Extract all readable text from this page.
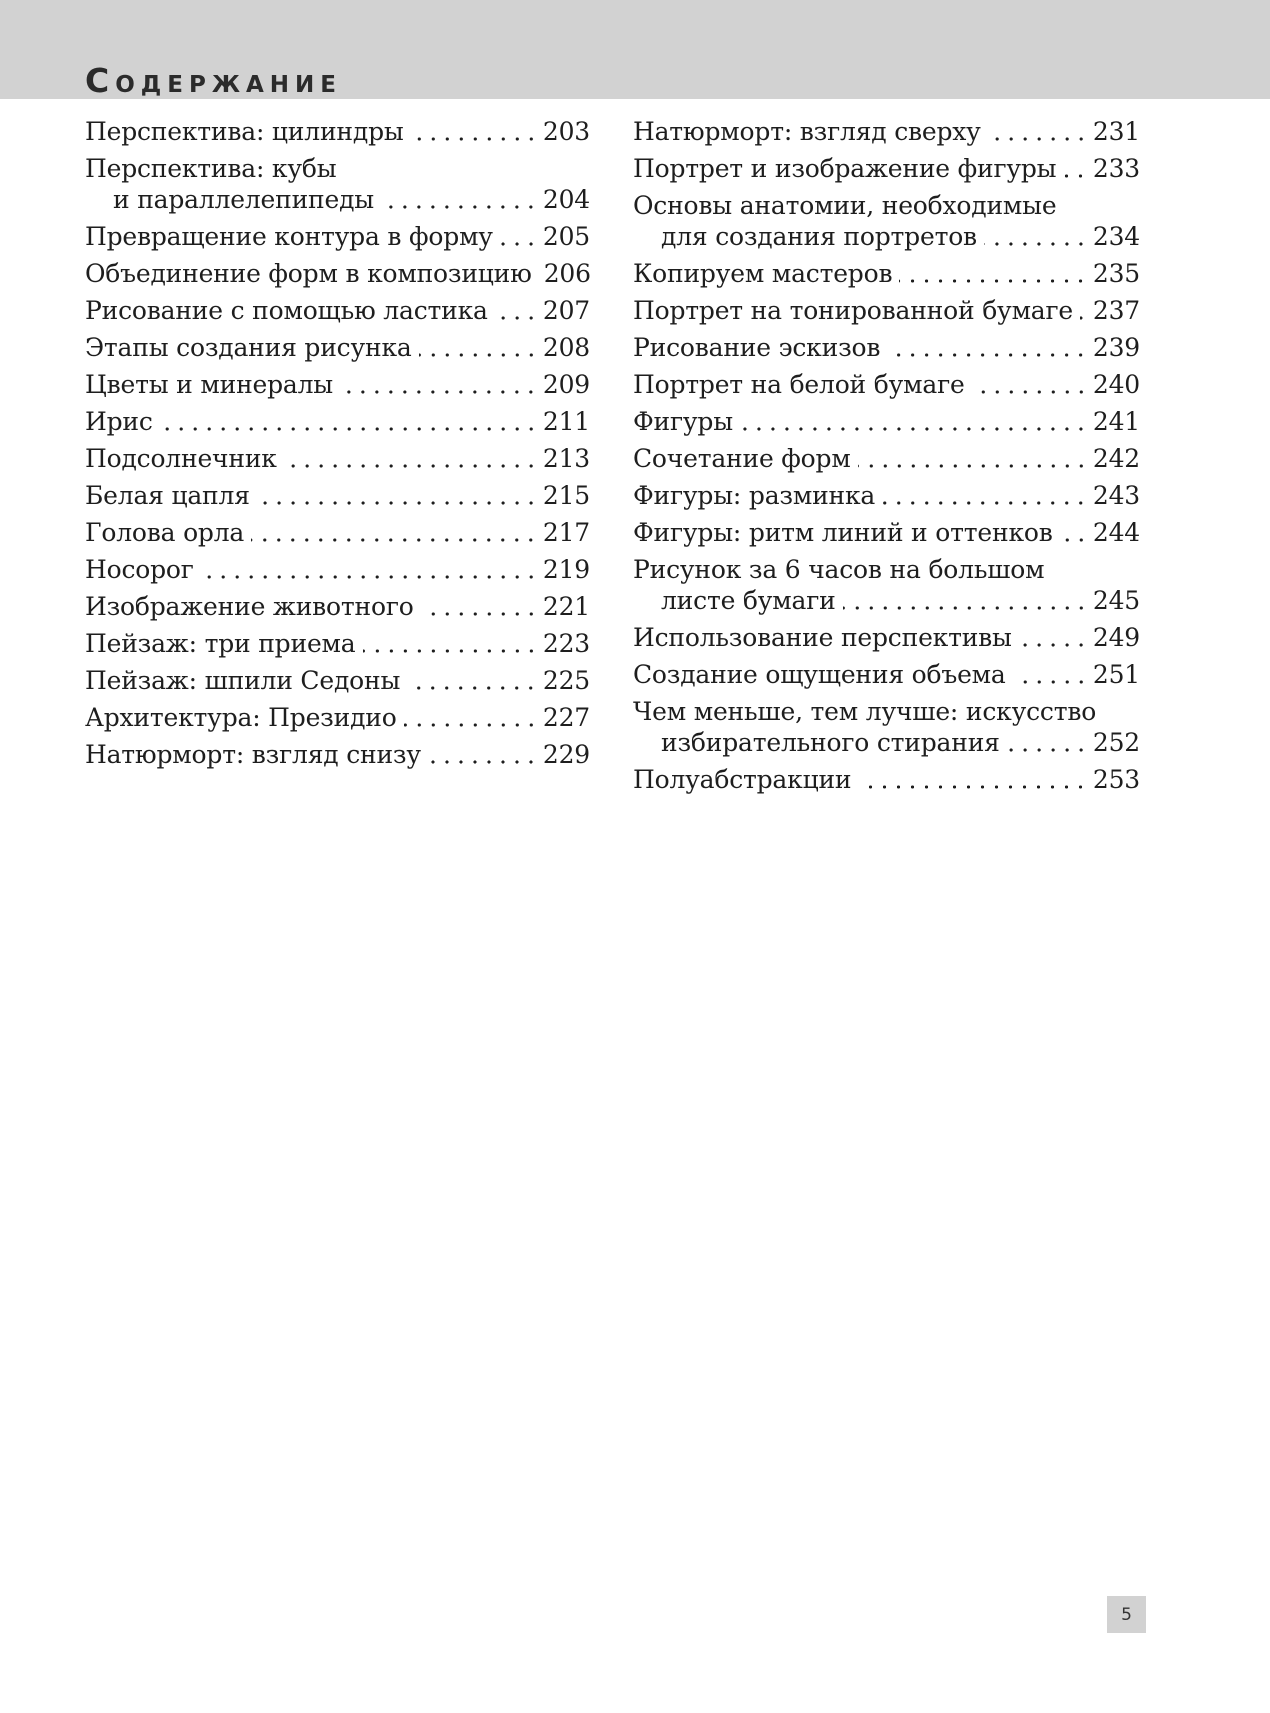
Содержание
Перспектива: цилиндры	203
Перспектива: кубы
и параллелепипеды	204
Превращение контура в форму 205
Объединение форм в композицию 206
Рисование с помощью ластика 207
Этапы создания рисунка	208
Цветы и минералы	209
Ирис	211
Подсолнечник	213
Белая цапля	215
Голова орла	217
Носорог	219
Изображение животного	221
Пейзаж: три приема	223
Пейзаж: шпили Седоны	225
Архитектура: Президио	227
Натюрморт: взгляд снизу	229
Натюрморт: взгляд сверху	231
Портрет и изображение фигуры 233
Основы анатомии, необходимые
для создания портретов	234
Копируем мастеров	235
Портрет на тонированной бумаге 237
Рисование эскизов	239
Портрет на белой бумаге	240
Фигуры	241
Сочетание форм	242
Фигуры: разминка	243
Фигуры: ритм линий и оттенков 244
Рисунок за 6 часов на большом
листе бумаги	245
Использование перспективы	249
Создание ощущения объема	251
Чем меньше, тем лучше: искусство
избирательного стирания	252
Полуабстракции	253
5
